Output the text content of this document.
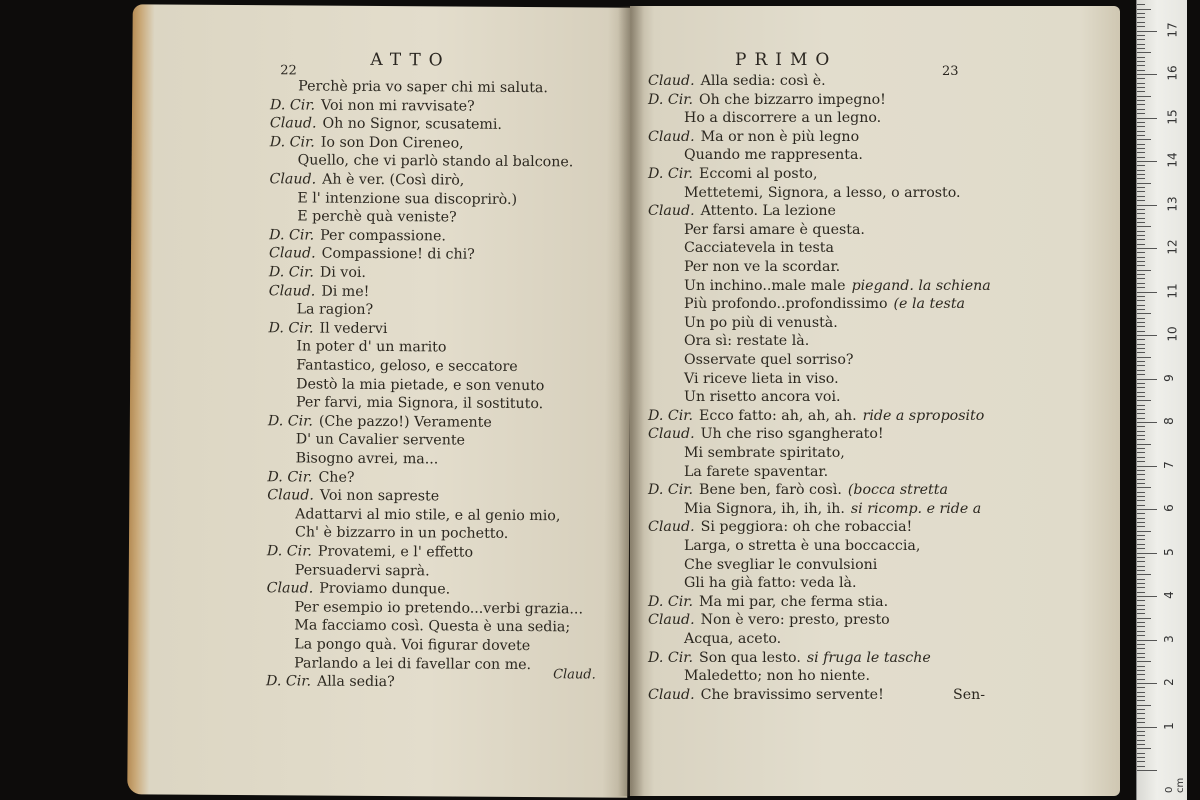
22
ATTO
Perchè pria vo saper chi mi saluta.
D. Cir. Voi non mi ravvisate?
Claud. Oh no Signor, scusatemi.
D. Cir. Io son Don Cireneo,
Quello, che vi parlò stando al balcone.
Claud. Ah è ver. (Così dirò,
E l' intenzione sua discoprirò.)
E perchè quà veniste?
D. Cir. Per compassione.
Claud. Compassione! di chi?
D. Cir. Di voi.
Claud. Di me!
La ragion?
D. Cir. Il vedervi
In poter d' un marito
Fantastico, geloso, e seccatore
Destò la mia pietade, e son venuto
Per farvi, mia Signora, il sostituto.
D. Cir. (Che pazzo!) Veramente
D' un Cavalier servente
Bisogno avrei, ma...
D. Cir. Che?
Claud. Voi non sapreste
Adattarvi al mio stile, e al genio mio,
Ch' è bizzarro in un pochetto.
D. Cir. Provatemi, e l' effetto
Persuadervi saprà.
Claud. Proviamo dunque.
Per esempio io pretendo...verbi grazia...
Ma facciamo così. Questa è una sedia;
La pongo quà. Voi figurar dovete
Parlando a lei di favellar con me.
D. Cir. Alla sedia?	Claud.
PRIMO
23
Claud. Alla sedia: così è.
D. Cir. Oh che bizzarro impegno!
Ho a discorrere a un legno.
Claud. Ma or non è più legno
Quando me rappresenta.
D. Cir. Eccomi al posto,
Mettetemi, Signora, a lesso, o arrosto.
Claud. Attento. La lezione
Per farsi amare è questa.
Cacciatevela in testa
Per non ve la scordar.
Un inchino..male male piegand. la schiena
Più profondo..profondissimo (e la testa
Un po più di venustà.
Ora sì: restate là.
Osservate quel sorriso?
Vi riceve lieta in viso.
Un risetto ancora voi.
D. Cir. Ecco fatto: ah, ah, ah. ride a sproposito
Claud. Uh che riso sgangherato!
Mi sembrate spiritato,
La farete spaventar.
D. Cir. Bene ben, farò così. (bocca stretta
Mia Signora, ih, ih, ih. si ricomp. e ride a
Claud. Si peggiora: oh che robaccia!
Larga, o stretta è una boccaccia,
Che svegliar le convulsioni
Gli ha già fatto: veda là.
D. Cir. Ma mi par, che ferma stia.
Claud. Non è vero: presto, presto
Acqua, aceto.
D. Cir. Son qua lesto. si fruga le tasche
Maledetto; non ho niente.
Claud. Che bravissimo servente!	Sen-
0 cm
1
2
3
4
5
6
7
8
9
10
11
12
13
14
15
16
17
